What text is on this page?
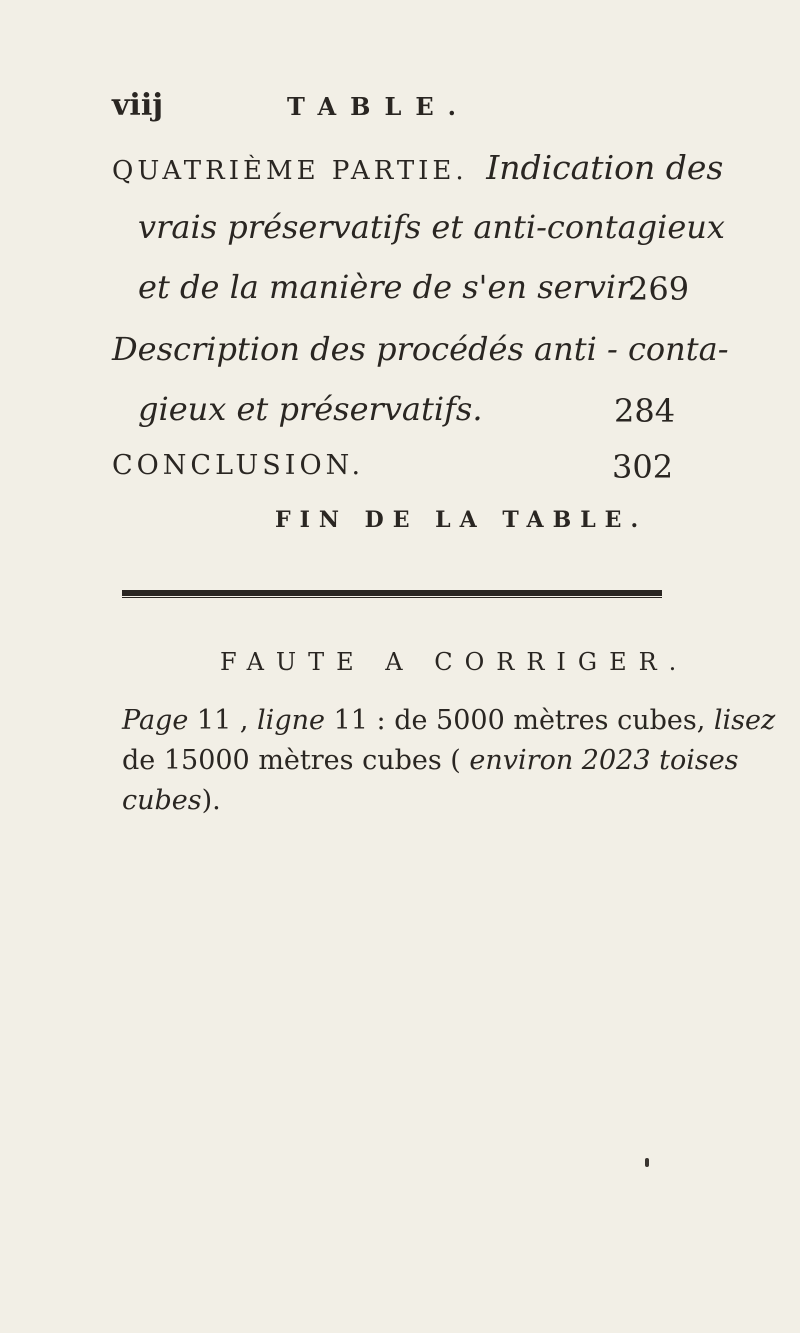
viij	TABLE.
QUATRIÈME PARTIE. Indication des
vrais préservatifs et anti-contagieux
et de la manière de s'en servir.
269
Description des procédés anti - conta-
gieux et préservatifs.	284
CONCLUSION.	302
FIN DE LA TABLE.
FAUTE A CORRIGER.
Page 11 , ligne 11 : de 5000 mètres cubes, lisez
de 15000 mètres cubes ( environ 2023 toises
cubes).
